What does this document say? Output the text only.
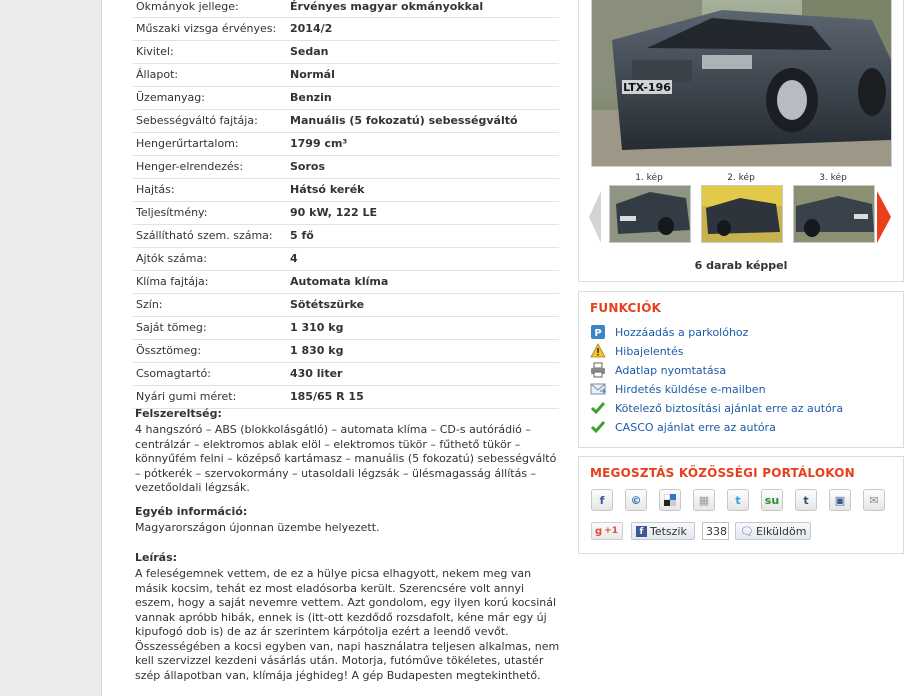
Okmányok jellege:	Érvényes magyar okmányokkal
Műszaki vizsga érvényes: 2014/2
Kivitel:	Sedan
Állapot:	Normál
Üzemanyag:	Benzin
Sebességváltó fajtája:	Manuális (5 fokozatú) sebességváltó
Hengerűrtartalom:	1799 cm³
Henger-elrendezés:	Soros
Hajtás:	Hátsó kerék
Teljesítmény:	90 kW, 122 LE
Szállítható szem. száma: 5 fő
Ajtók száma:	4
Klíma fajtája:	Automata klíma
Szín:	Sötétszürke
Saját tömeg:	1 310 kg
Össztömeg:	1 830 kg
Csomagtartó:	430 liter
Nyári gumi méret:	185/65 R 15
Felszereltség:

4 hangszóró – ABS (blokkolásgátló) – automata klíma – CD-s autórádió – centrálzár – elektromos ablak elöl – elektromos tükör – fűthető tükör – könnyűfém felni – középső kartámasz – manuális (5 fokozatú) sebességváltó – pótkerék – szervokormány – utasoldali légzsák – ülésmagasság állítás – vezetőoldali légzsák.

Egyéb információ:

Magyarországon újonnan üzembe helyezett.

Leírás:

A feleségemnek vettem, de ez a hülye picsa elhagyott, nekem meg van másik kocsim, tehát ez most eladósorba került. Szerencsére volt annyi eszem, hogy a saját nevemre vettem. Azt gondolom, egy ilyen korú kocsinál vannak apróbb hibák, ennek is (itt-ott kezdődő rozsdafolt, kéne már egy új kipufogó dob is) de az ár szerintem kárpótolja ezért a leendő vevőt. Összességében a kocsi egyben van, napi használatra teljesen alkalmas, nem kell szervizzel kezdeni vásárlás után. Motorja, futóműve tökéletes, utastér szép állapotban van, klímája jéghideg! A gép Budapesten megtekinthető.

LTX-196
1. kép	2. kép	3. kép
6 darab képpel
FUNKCIÓK
P Hozzáadás a parkolóhoz
Hibajelentés
Adatlap nyomtatása
Hirdetés küldése e-mailben
Kötelező biztosítási ajánlat erre az autóra
CASCO ajánlat erre az autóra
MEGOSZTÁS KÖZÖSSÉGI PORTÁLOKON
f ©	▦ t su t ▣ ✉
g +1	f Tetszik	338 🗨 Elküldöm
